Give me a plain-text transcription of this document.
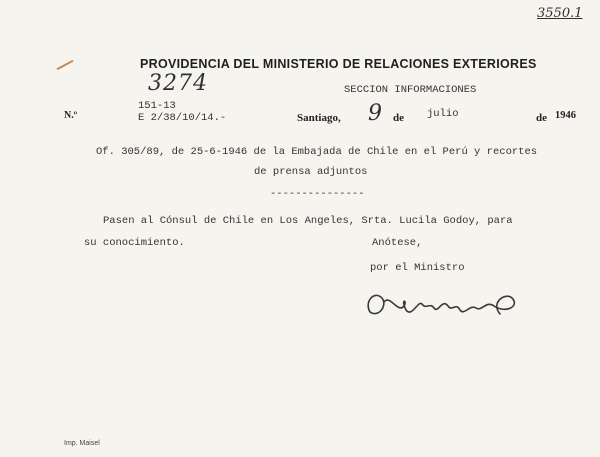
3550.1
PROVIDENCIA DEL MINISTERIO DE RELACIONES EXTERIORES
3274	SECCION INFORMACIONES
N.º
151-13
E 2/38/10/14.-	Santiago, 9 de julio	de 1946
Of. 305/89, de 25-6-1946 de la Embajada de Chile en el Perú y recortes
de prensa adjuntos
---------------
Pasen al Cónsul de Chile en Los Angeles, Srta. Lucila Godoy, para
su conocimiento.	Anótese,
por el Ministro
Oscar Rui
Imp. Maisel
